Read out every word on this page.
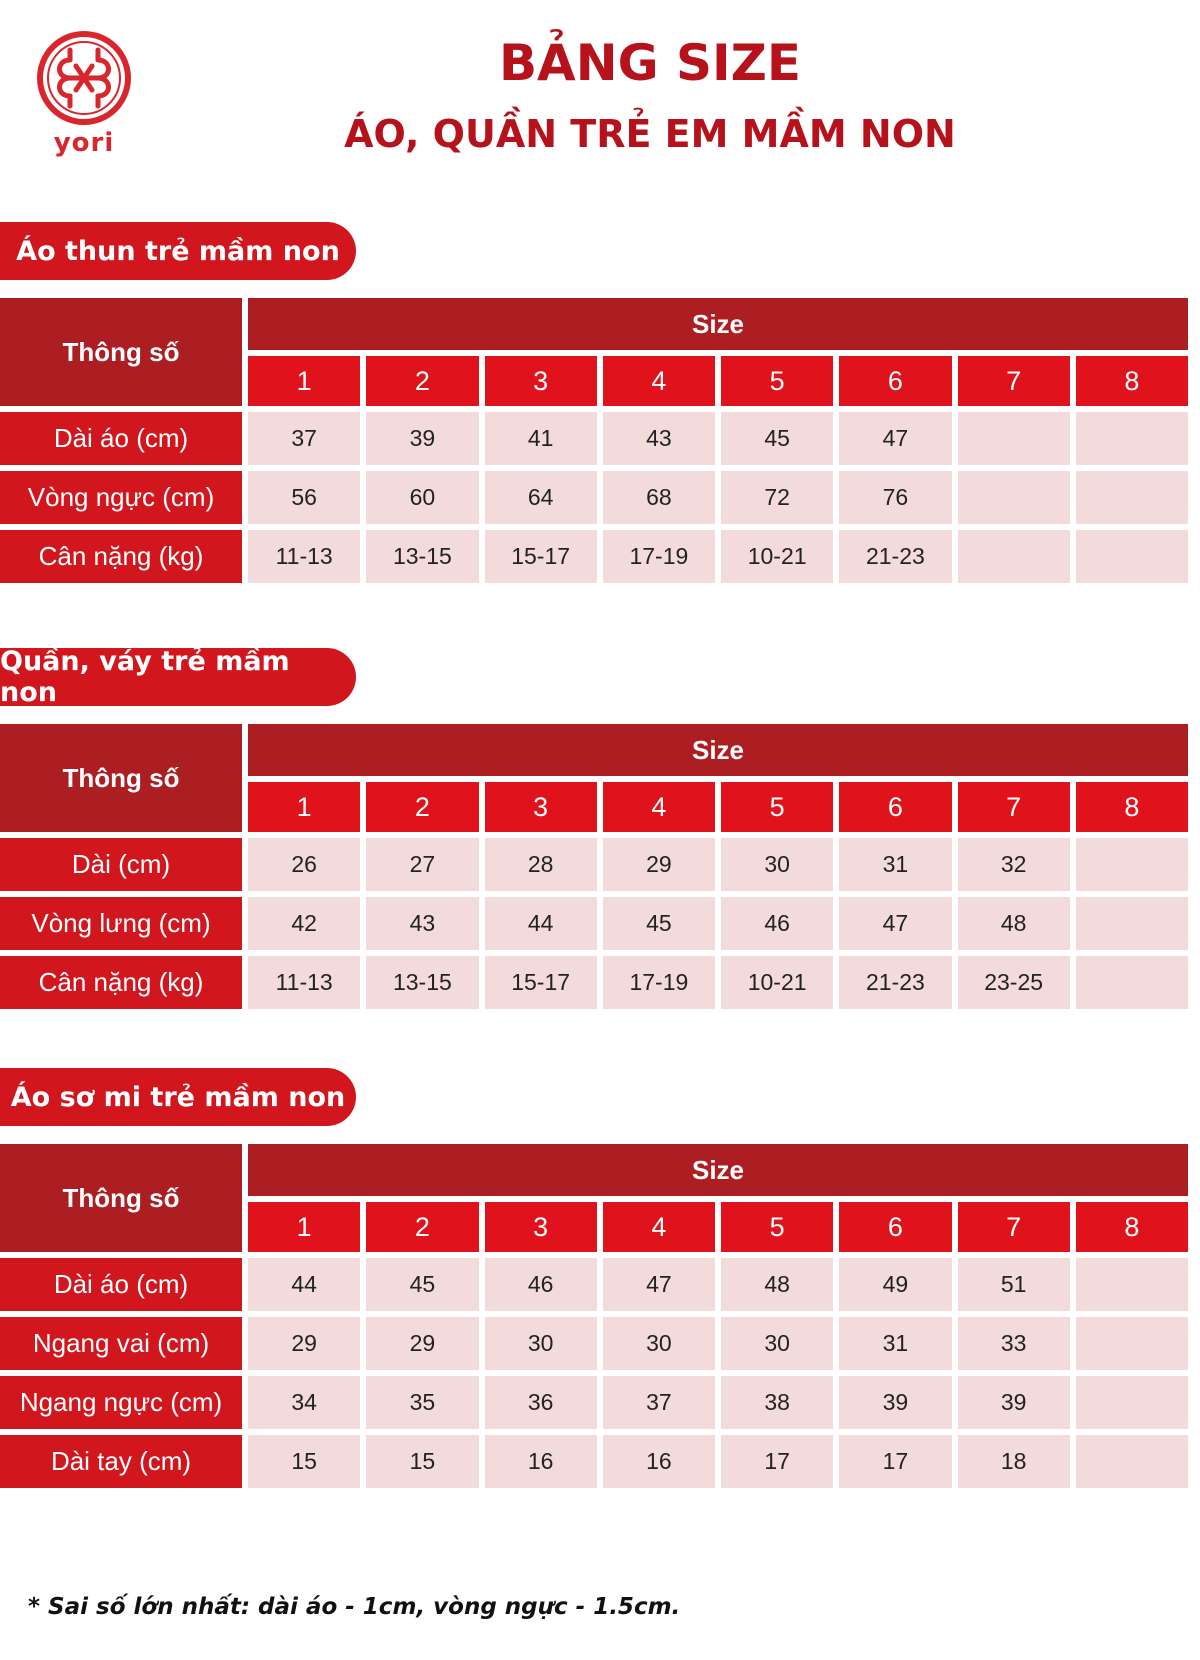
yori
BẢNG SIZE
ÁO, QUẦN TRẺ EM MẦM NON
Áo thun trẻ mầm non
Thông số	Size							
	1	2	3	4	5	6	7	8
Dài áo (cm)	37	39	41	43	45	47		
Vòng ngực (cm)	56	60	64	68	72	76		
Cân nặng (kg)	11-13	13-15	15-17	17-19	10-21	21-23		
Quần, váy trẻ mầm non
Thông số	Size							
	1	2	3	4	5	6	7	8
Dài (cm)	26	27	28	29	30	31	32	
Vòng lưng (cm)	42	43	44	45	46	47	48	
Cân nặng (kg)	11-13	13-15	15-17	17-19	10-21	21-23	23-25	
Áo sơ mi trẻ mầm non
Thông số	Size							
	1	2	3	4	5	6	7	8
Dài áo (cm)	44	45	46	47	48	49	51	
Ngang vai (cm)	29	29	30	30	30	31	33	
Ngang ngực (cm)	34	35	36	37	38	39	39	
Dài tay (cm)	15	15	16	16	17	17	18	
* Sai số lớn nhất: dài áo - 1cm, vòng ngực - 1.5cm.
